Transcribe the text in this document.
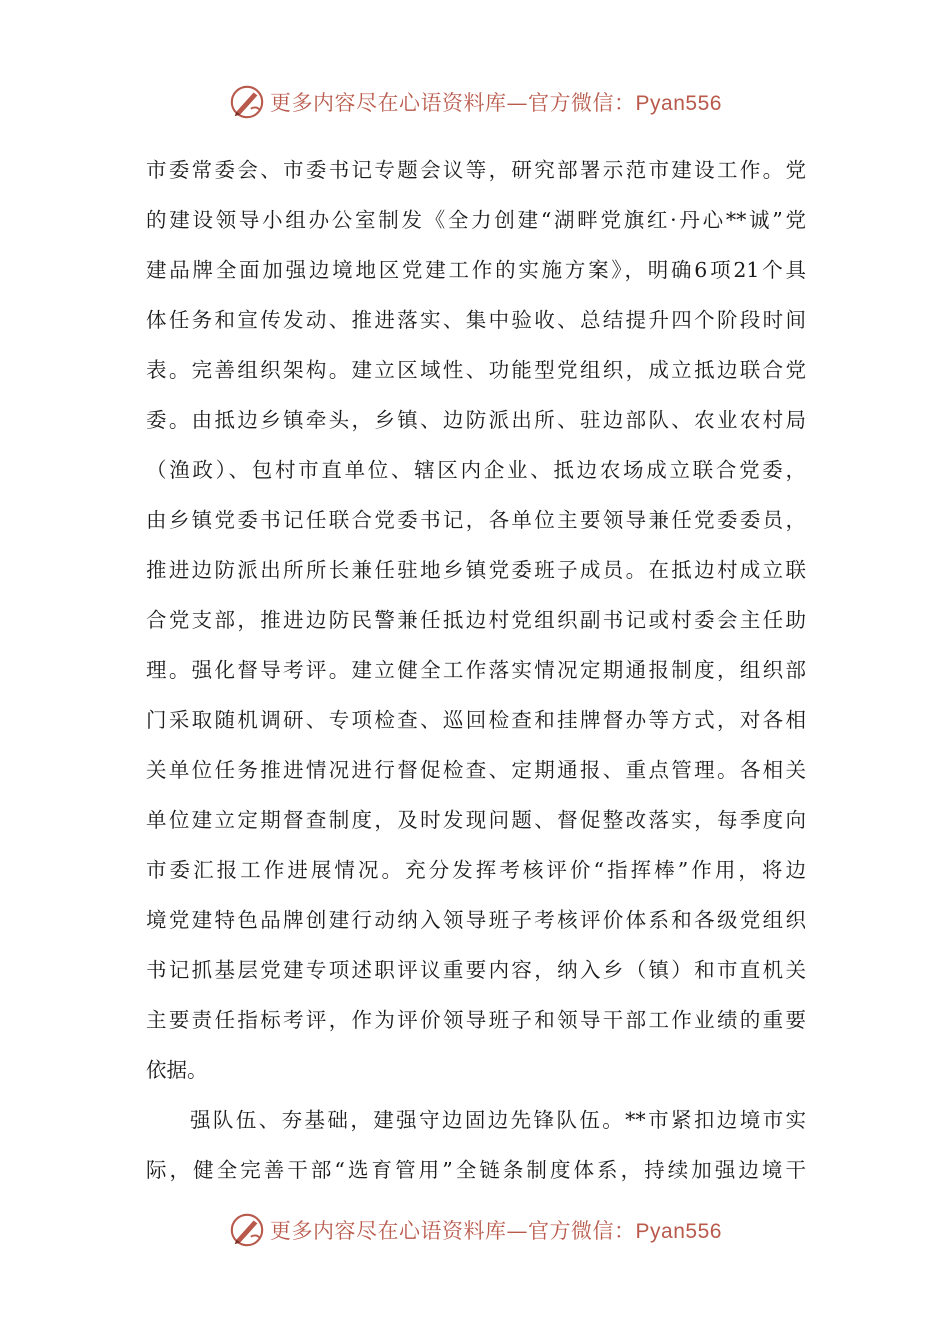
更多内容尽在心语资料库—官方微信：Pyan556
市委常委会、市委书记专题会议等，研究部署示范市建设工作。党
的建设领导小组办公室制发《全力创建“湖畔党旗红·丹心**诚”党
建品牌全面加强边境地区党建工作的实施方案》，明确6项21个具
体任务和宣传发动、推进落实、集中验收、总结提升四个阶段时间
表。完善组织架构。建立区域性、功能型党组织，成立抵边联合党
委。由抵边乡镇牵头，乡镇、边防派出所、驻边部队、农业农村局
（渔政）、包村市直单位、辖区内企业、抵边农场成立联合党委，
由乡镇党委书记任联合党委书记，各单位主要领导兼任党委委员，
推进边防派出所所长兼任驻地乡镇党委班子成员。在抵边村成立联
合党支部，推进边防民警兼任抵边村党组织副书记或村委会主任助
理。强化督导考评。建立健全工作落实情况定期通报制度，组织部
门采取随机调研、专项检查、巡回检查和挂牌督办等方式，对各相
关单位任务推进情况进行督促检查、定期通报、重点管理。各相关
单位建立定期督查制度，及时发现问题、督促整改落实，每季度向
市委汇报工作进展情况。充分发挥考核评价“指挥棒”作用，将边
境党建特色品牌创建行动纳入领导班子考核评价体系和各级党组织
书记抓基层党建专项述职评议重要内容，纳入乡（镇）和市直机关
主要责任指标考评，作为评价领导班子和领导干部工作业绩的重要
依据。
强队伍、夯基础，建强守边固边先锋队伍。**市紧扣边境市实
际，健全完善干部“选育管用”全链条制度体系，持续加强边境干
更多内容尽在心语资料库—官方微信：Pyan556
